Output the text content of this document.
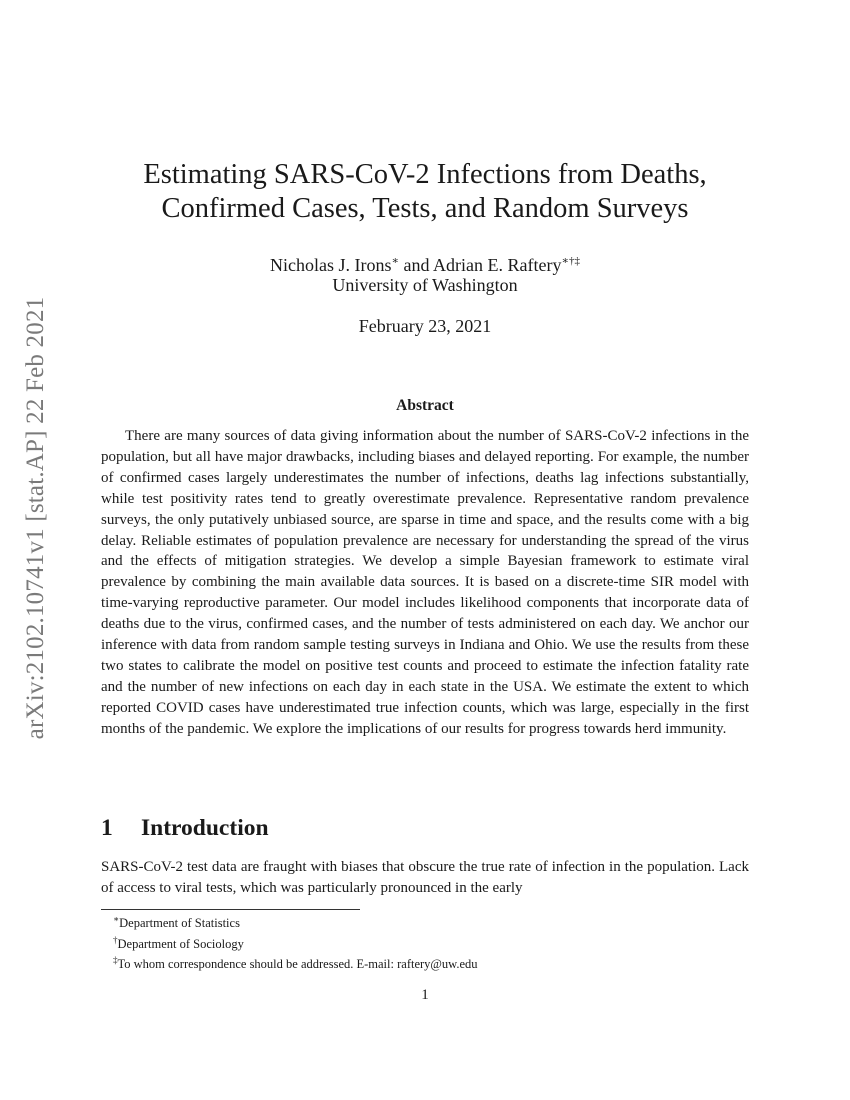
arXiv:2102.10741v1 [stat.AP] 22 Feb 2021
Estimating SARS-CoV-2 Infections from Deaths,
Confirmed Cases, Tests, and Random Surveys
Nicholas J. Irons∗ and Adrian E. Raftery∗†‡
University of Washington
February 23, 2021
Abstract

There are many sources of data giving information about the number of SARS-CoV-2 infections in the population, but all have major drawbacks, including biases and delayed reporting. For example, the number of confirmed cases largely underestimates the number of infections, deaths lag infections substantially, while test positivity rates tend to greatly overestimate prevalence. Representative random prevalence surveys, the only putatively unbiased source, are sparse in time and space, and the results come with a big delay. Reliable estimates of population prevalence are necessary for understanding the spread of the virus and the effects of mitigation strategies. We develop a simple Bayesian framework to estimate viral prevalence by combining the main available data sources. It is based on a discrete-time SIR model with time-varying reproductive parameter. Our model includes likelihood components that incorporate data of deaths due to the virus, confirmed cases, and the number of tests administered on each day. We anchor our inference with data from random sample testing surveys in Indiana and Ohio. We use the results from these two states to calibrate the model on positive test counts and proceed to estimate the infection fatality rate and the number of new infections on each day in each state in the USA. We estimate the extent to which reported COVID cases have underestimated true infection counts, which was large, especially in the first months of the pandemic. We explore the implications of our results for progress towards herd immunity.

1 Introduction

SARS-CoV-2 test data are fraught with biases that obscure the true rate of infection in the population. Lack of access to viral tests, which was particularly pronounced in the early

∗Department of Statistics
†Department of Sociology
‡To whom correspondence should be addressed. E-mail: raftery@uw.edu
1
